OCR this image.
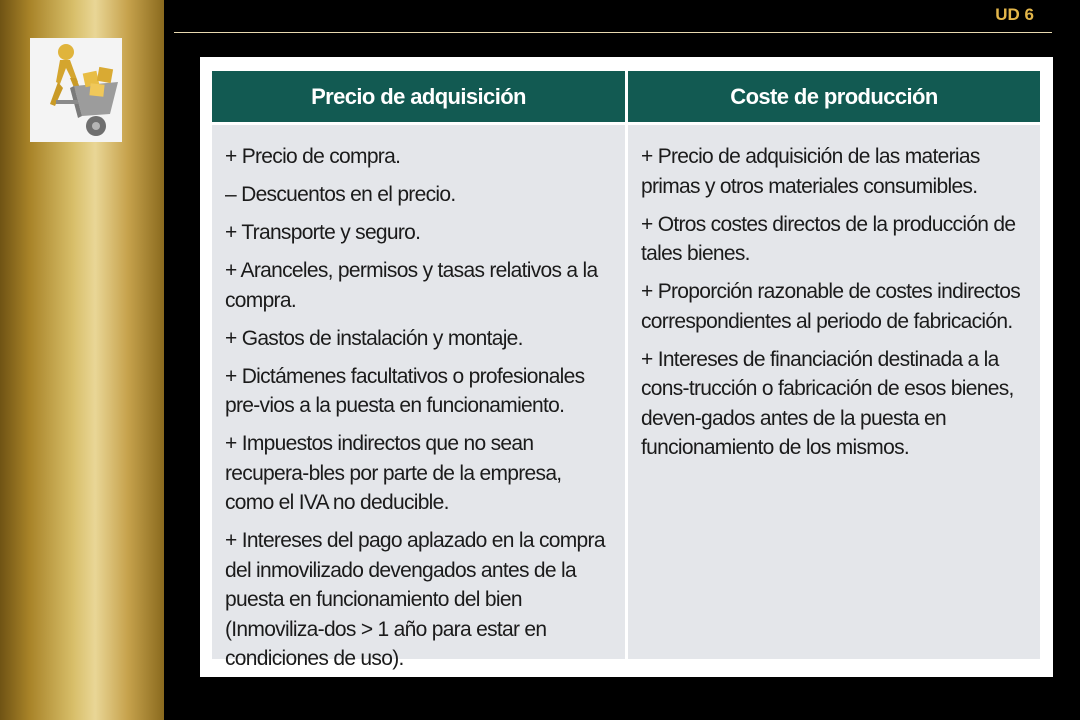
UD 6
Precio de adquisición
+ Precio de compra.
– Descuentos en el precio.
+ Transporte y seguro.
+ Aranceles, permisos y tasas relativos a la compra.
+ Gastos de instalación y montaje.
+ Dictámenes facultativos o profesionales pre-vios a la puesta en funcionamiento.
+ Impuestos indirectos que no sean recupera-bles por parte de la empresa, como el IVA no deducible.
+ Intereses del pago aplazado en la compra del inmovilizado devengados antes de la puesta en funcionamiento del bien (Inmoviliza-dos > 1 año para estar en condiciones de uso).
Coste de producción
+ Precio de adquisición de las materias primas y otros materiales consumibles.
+ Otros costes directos de la producción de tales bienes.
+ Proporción razonable de costes indirectos correspondientes al periodo de fabricación.
+ Intereses de financiación destinada a la cons-trucción o fabricación de esos bienes, deven-gados antes de la puesta en funcionamiento de los mismos.
